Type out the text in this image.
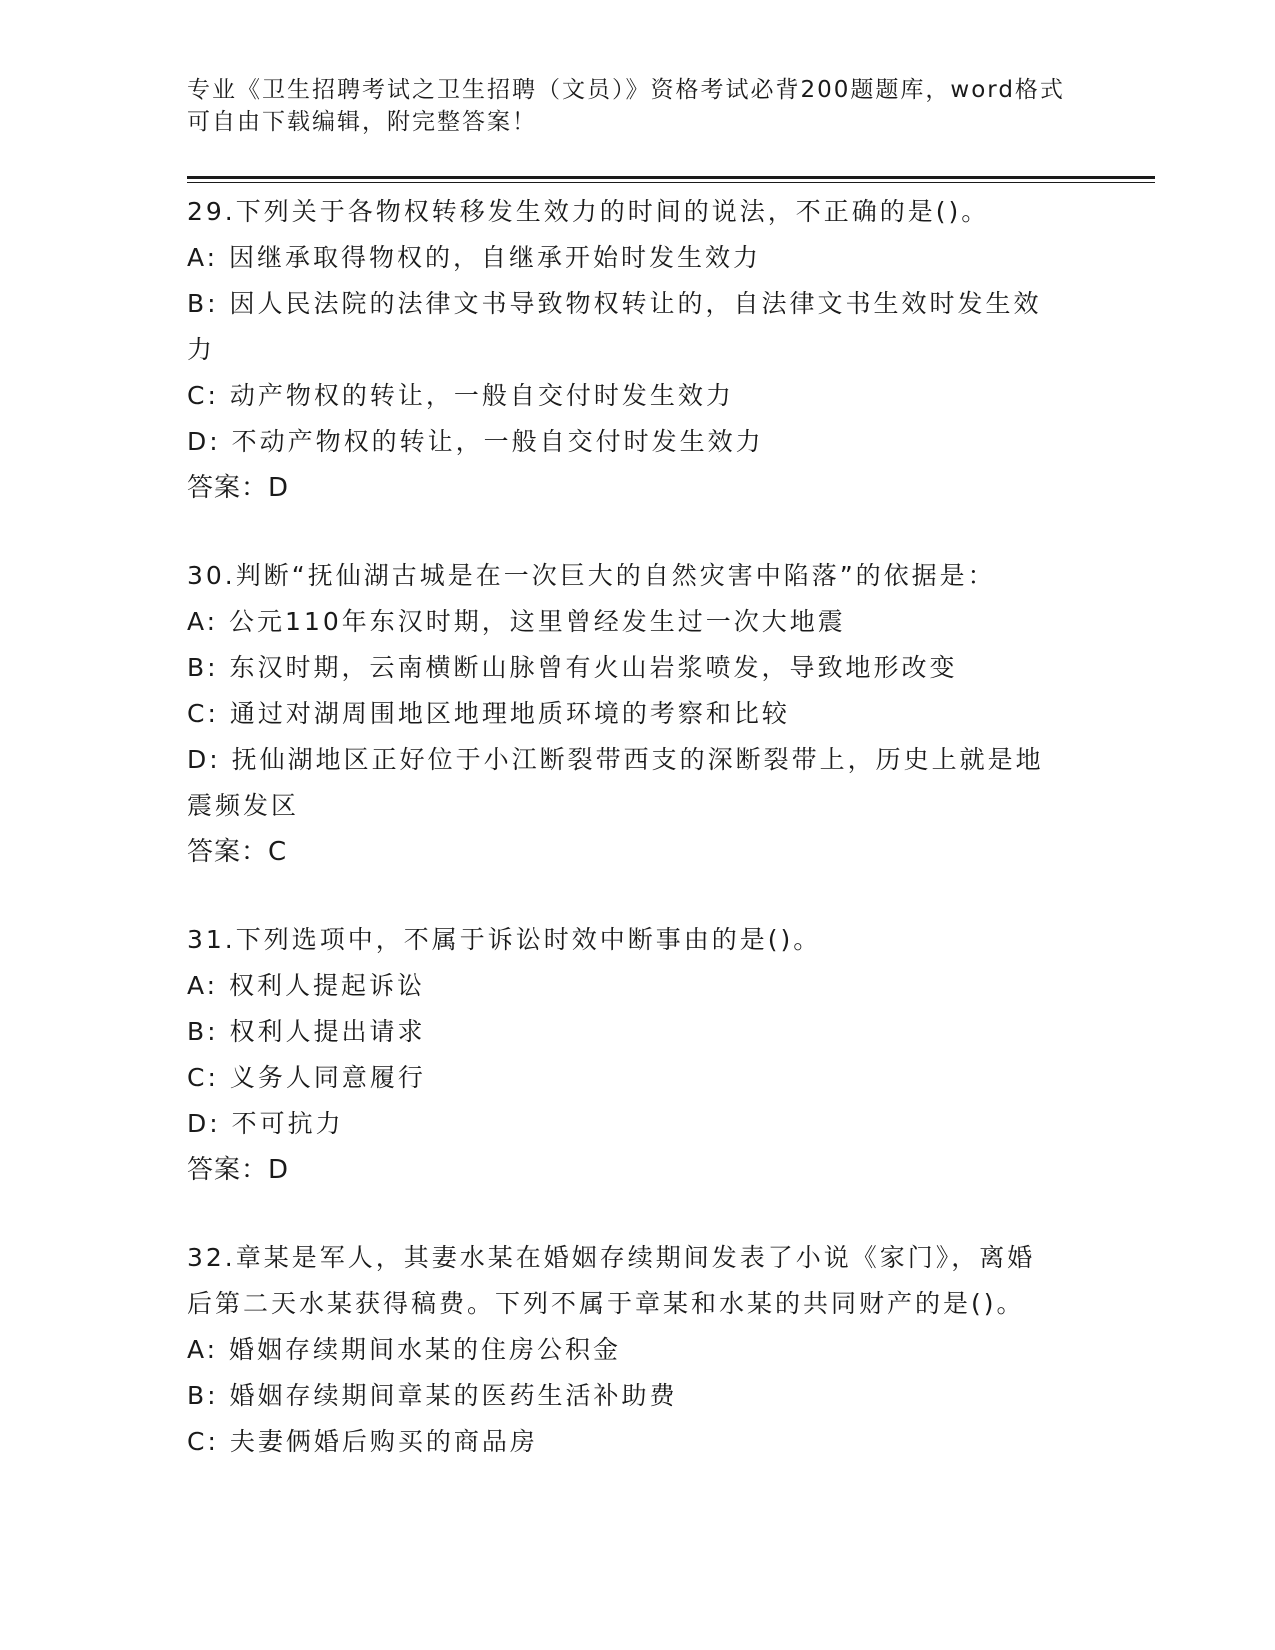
专业《卫生招聘考试之卫生招聘（文员）》资格考试必背200题题库，word格式
可自由下载编辑，附完整答案！
29.下列关于各物权转移发生效力的时间的说法，不正确的是()。
A: 因继承取得物权的，自继承开始时发生效力
B: 因人民法院的法律文书导致物权转让的，自法律文书生效时发生效
力
C: 动产物权的转让，一般自交付时发生效力
D: 不动产物权的转让，一般自交付时发生效力
答案：D
30.判断“抚仙湖古城是在一次巨大的自然灾害中陷落”的依据是：
A: 公元110年东汉时期，这里曾经发生过一次大地震
B: 东汉时期，云南横断山脉曾有火山岩浆喷发，导致地形改变
C: 通过对湖周围地区地理地质环境的考察和比较
D: 抚仙湖地区正好位于小江断裂带西支的深断裂带上，历史上就是地
震频发区
答案：C
31.下列选项中，不属于诉讼时效中断事由的是()。
A: 权利人提起诉讼
B: 权利人提出请求
C: 义务人同意履行
D: 不可抗力
答案：D
32.章某是军人，其妻水某在婚姻存续期间发表了小说《家门》，离婚
后第二天水某获得稿费。下列不属于章某和水某的共同财产的是()。
A: 婚姻存续期间水某的住房公积金
B: 婚姻存续期间章某的医药生活补助费
C: 夫妻俩婚后购买的商品房
